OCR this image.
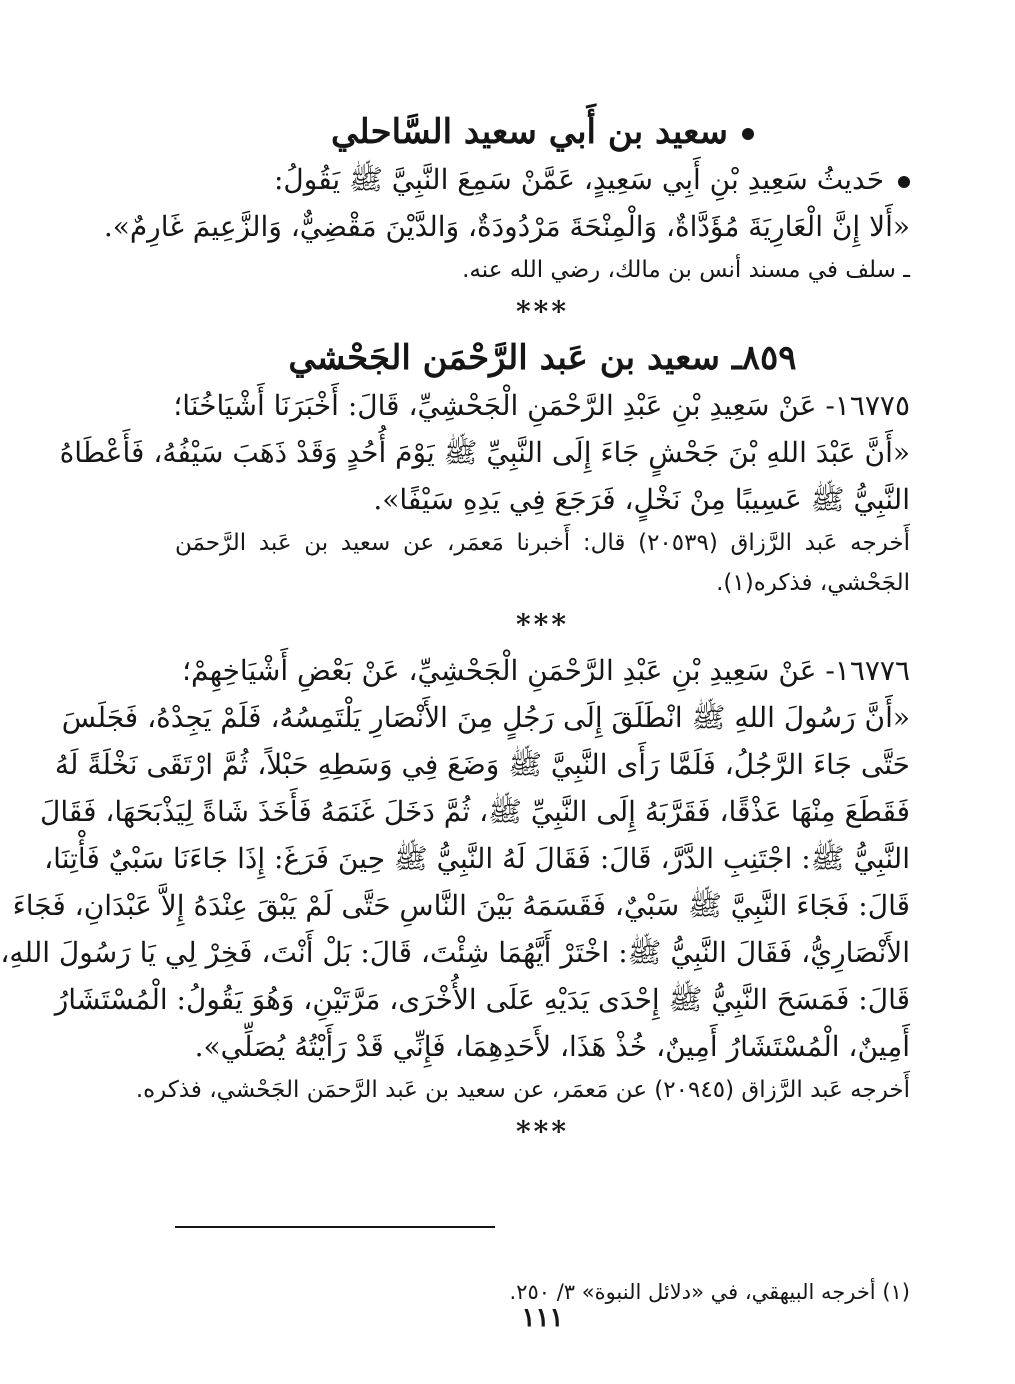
سعيد بن أَبي سعيد السَّاحلي

حَديثُ سَعِيدِ بْنِ أَبِي سَعِيدٍ، عَمَّنْ سَمِعَ النَّبِيَّ ﷺ يَقُولُ:

«أَلا إِنَّ الْعَارِيَةَ مُؤَدَّاةٌ، وَالْمِنْحَةَ مَرْدُودَةٌ، وَالدَّيْنَ مَقْضِيٌّ، وَالزَّعِيمَ غَارِمٌ».

ـ سلف في مسند أنس بن مالك، رضي الله عنه.

***
٨٥٩ـ سعيد بن عَبد الرَّحْمَن الجَحْشي

١٦٧٧٥- عَنْ سَعِيدِ بْنِ عَبْدِ الرَّحْمَنِ الْجَحْشِيِّ، قَالَ: أَخْبَرَنَا أَشْيَاخُنَا؛

«أَنَّ عَبْدَ اللهِ بْنَ جَحْشٍ جَاءَ إِلَى النَّبِيِّ ﷺ يَوْمَ أُحُدٍ وَقَدْ ذَهَبَ سَيْفُهُ، فَأَعْطَاهُ

النَّبِيُّ ﷺ عَسِيبًا مِنْ نَخْلٍ، فَرَجَعَ فِي يَدِهِ سَيْفًا».

أَخرجه عَبد الرَّزاق (٢٠٥٣٩) قال: أَخبرنا مَعمَر، عن سعيد بن عَبد الرَّحمَن

الجَحْشي، فذكره(١).

***

١٦٧٧٦- عَنْ سَعِيدِ بْنِ عَبْدِ الرَّحْمَنِ الْجَحْشِيِّ، عَنْ بَعْضِ أَشْيَاخِهِمْ؛

«أَنَّ رَسُولَ اللهِ ﷺ انْطَلَقَ إِلَى رَجُلٍ مِنَ الأَنْصَارِ يَلْتَمِسُهُ، فَلَمْ يَجِدْهُ، فَجَلَسَ

حَتَّى جَاءَ الرَّجُلُ، فَلَمَّا رَأَى النَّبِيَّ ﷺ وَضَعَ فِي وَسَطِهِ حَبْلاً، ثُمَّ ارْتَقَى نَخْلَةً لَهُ

فَقَطَعَ مِنْهَا عَذْقًا، فَقَرَّبَهُ إِلَى النَّبِيِّ ﷺ، ثُمَّ دَخَلَ غَنَمَهُ فَأَخَذَ شَاةً لِيَذْبَحَهَا، فَقَالَ

النَّبِيُّ ﷺ: اجْتَنِبِ الدَّرَّ، قَالَ: فَقَالَ لَهُ النَّبِيُّ ﷺ حِينَ فَرَغَ: إِذَا جَاءَنَا سَبْيٌ فَأْتِنَا،

قَالَ: فَجَاءَ النَّبِيَّ ﷺ سَبْيٌ، فَقَسَمَهُ بَيْنَ النَّاسِ حَتَّى لَمْ يَبْقَ عِنْدَهُ إِلاَّ عَبْدَانِ، فَجَاءَ

الأَنْصَارِيُّ، فَقَالَ النَّبِيُّ ﷺ: اخْتَرْ أَيَّهُمَا شِئْتَ، قَالَ: بَلْ أَنْتَ، فَخِرْ لِي يَا رَسُولَ اللهِ،

قَالَ: فَمَسَحَ النَّبِيُّ ﷺ إِحْدَى يَدَيْهِ عَلَى الأُخْرَى، مَرَّتَيْنِ، وَهُوَ يَقُولُ: الْمُسْتَشَارُ

أَمِينٌ، الْمُسْتَشَارُ أَمِينٌ، خُذْ هَذَا، لأَحَدِهِمَا، فَإِنِّي قَدْ رَأَيْتُهُ يُصَلِّي».

أَخرجه عَبد الرَّزاق (٢٠٩٤٥) عن مَعمَر، عن سعيد بن عَبد الرَّحمَن الجَحْشي، فذكره.

***

(١) أخرجه البيهقي، في «دلائل النبوة» ٣/ ٢٥٠.

١١١
